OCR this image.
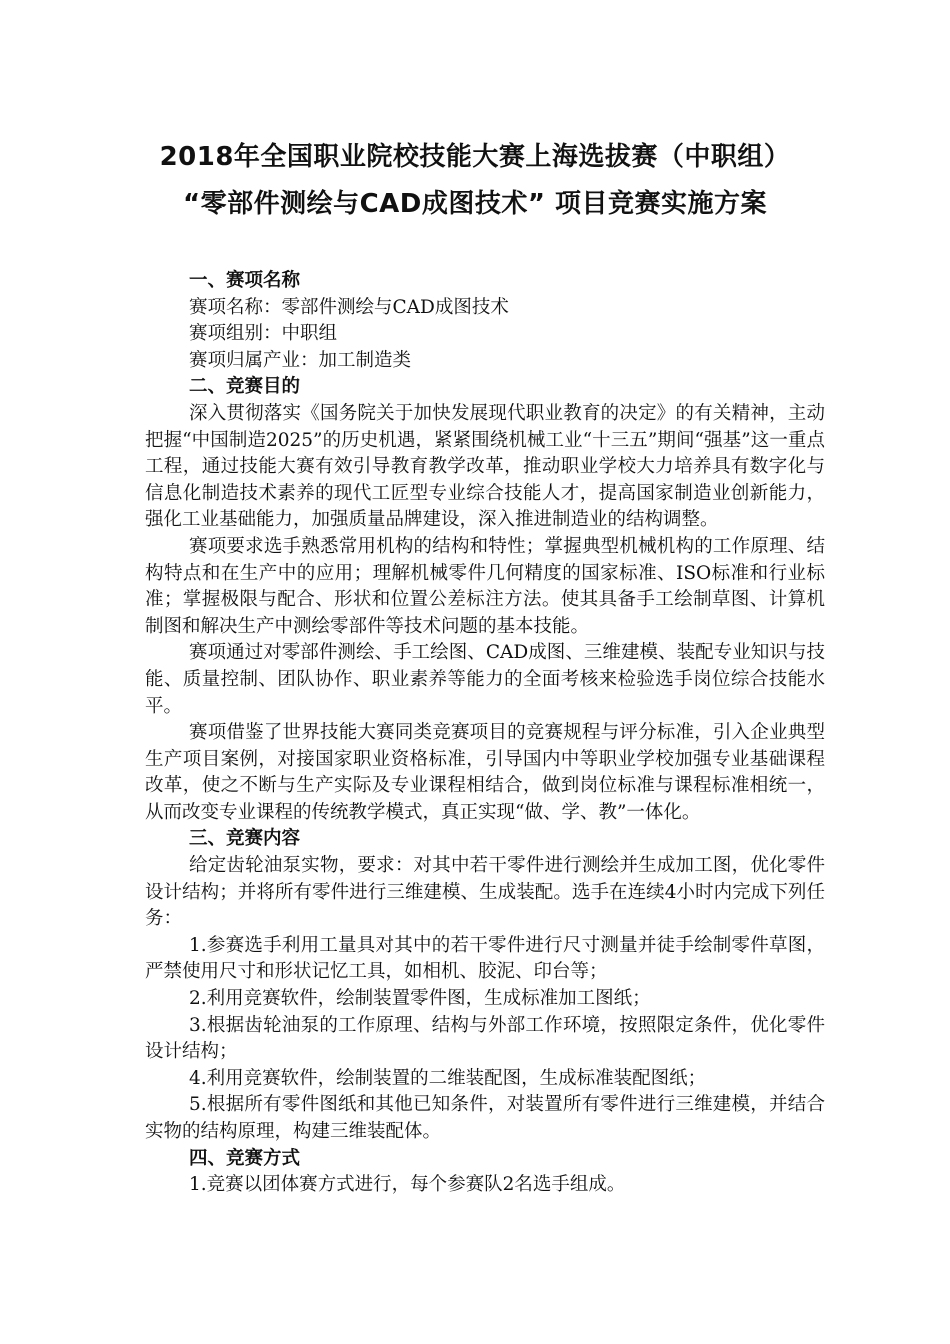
2018年全国职业院校技能大赛上海选拔赛（中职组）
“零部件测绘与CAD成图技术” 项目竞赛实施方案

一、赛项名称

赛项名称：零部件测绘与CAD成图技术

赛项组别：中职组

赛项归属产业：加工制造类

二、竞赛目的

深入贯彻落实《国务院关于加快发展现代职业教育的决定》的有关精神，主动把握“中国制造2025”的历史机遇，紧紧围绕机械工业“十三五”期间“强基”这一重点工程，通过技能大赛有效引导教育教学改革，推动职业学校大力培养具有数字化与信息化制造技术素养的现代工匠型专业综合技能人才，提高国家制造业创新能力，强化工业基础能力，加强质量品牌建设，深入推进制造业的结构调整。

赛项要求选手熟悉常用机构的结构和特性；掌握典型机械机构的工作原理、结构特点和在生产中的应用；理解机械零件几何精度的国家标准、ISO标准和行业标准；掌握极限与配合、形状和位置公差标注方法。使其具备手工绘制草图、计算机制图和解决生产中测绘零部件等技术问题的基本技能。

赛项通过对零部件测绘、手工绘图、CAD成图、三维建模、装配专业知识与技能、质量控制、团队协作、职业素养等能力的全面考核来检验选手岗位综合技能水平。

赛项借鉴了世界技能大赛同类竞赛项目的竞赛规程与评分标准，引入企业典型生产项目案例，对接国家职业资格标准，引导国内中等职业学校加强专业基础课程改革，使之不断与生产实际及专业课程相结合，做到岗位标准与课程标准相统一，从而改变专业课程的传统教学模式，真正实现“做、学、教”一体化。

三、竞赛内容

给定齿轮油泵实物，要求：对其中若干零件进行测绘并生成加工图，优化零件设计结构；并将所有零件进行三维建模、生成装配。选手在连续4小时内完成下列任务：

1.参赛选手利用工量具对其中的若干零件进行尺寸测量并徒手绘制零件草图，严禁使用尺寸和形状记忆工具，如相机、胶泥、印台等；

2.利用竞赛软件，绘制装置零件图，生成标准加工图纸；

3.根据齿轮油泵的工作原理、结构与外部工作环境，按照限定条件，优化零件设计结构；

4.利用竞赛软件，绘制装置的二维装配图，生成标准装配图纸；

5.根据所有零件图纸和其他已知条件，对装置所有零件进行三维建模，并结合实物的结构原理，构建三维装配体。

四、竞赛方式

1.竞赛以团体赛方式进行，每个参赛队2名选手组成。
